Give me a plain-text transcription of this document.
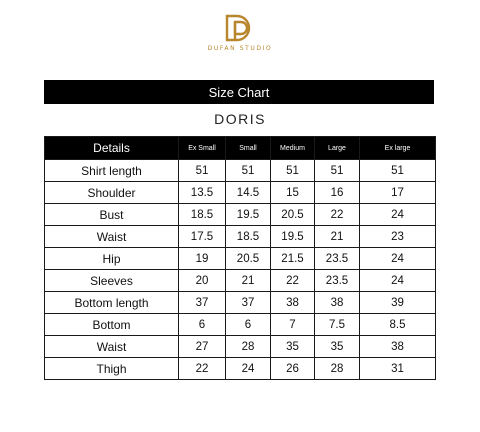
DUFAN STUDIO
Size Chart
DORIS
Details	Ex Small	Small	Medium	Large	Ex large
Shirt length	51	51	51	51	51
Shoulder	13.5	14.5	15	16	17
Bust	18.5	19.5	20.5	22	24
Waist	17.5	18.5	19.5	21	23
Hip	19	20.5	21.5	23.5	24
Sleeves	20	21	22	23.5	24
Bottom length	37	37	38	38	39
Bottom	6	6	7	7.5	8.5
Waist	27	28	35	35	38
Thigh	22	24	26	28	31
